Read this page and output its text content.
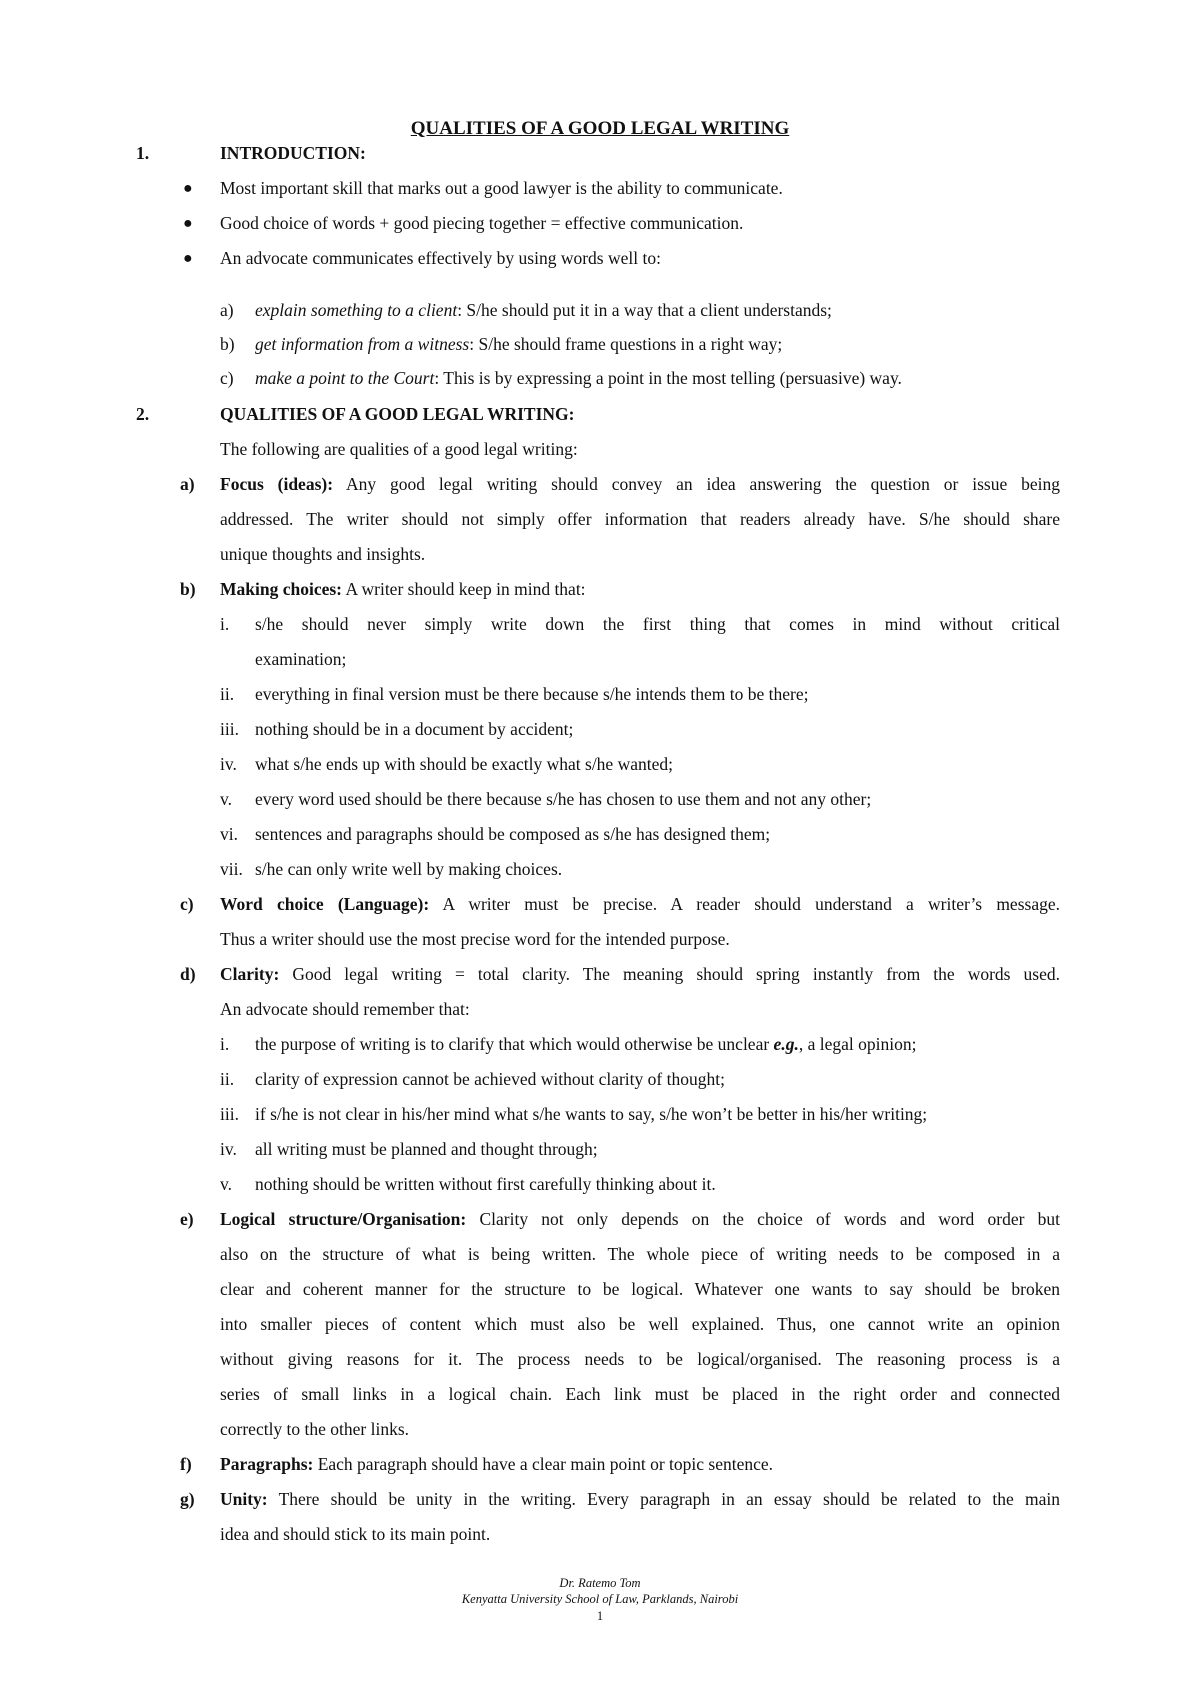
QUALITIES OF A GOOD LEGAL WRITING
1.	INTRODUCTION:
● Most important skill that marks out a good lawyer is the ability to communicate.
● Good choice of words + good piecing together = effective communication.
● An advocate communicates effectively by using words well to:
a) explain something to a client: S/he should put it in a way that a client understands;
b) get information from a witness: S/he should frame questions in a right way;
c) make a point to the Court: This is by expressing a point in the most telling (persuasive) way.
2.	QUALITIES OF A GOOD LEGAL WRITING:
The following are qualities of a good legal writing:
a) Focus (ideas): Any good legal writing should convey an idea answering the question or issue being
addressed. The writer should not simply offer information that readers already have. S/he should share
unique thoughts and insights.
b) Making choices: A writer should keep in mind that:
i. s/he should never simply write down the first thing that comes in mind without critical
examination;
ii. everything in final version must be there because s/he intends them to be there;
iii. nothing should be in a document by accident;
iv. what s/he ends up with should be exactly what s/he wanted;
v. every word used should be there because s/he has chosen to use them and not any other;
vi. sentences and paragraphs should be composed as s/he has designed them;
vii. s/he can only write well by making choices.
c) Word choice (Language): A writer must be precise. A reader should understand a writer’s message.
Thus a writer should use the most precise word for the intended purpose.
d) Clarity: Good legal writing = total clarity. The meaning should spring instantly from the words used.
An advocate should remember that:
i. the purpose of writing is to clarify that which would otherwise be unclear e.g., a legal opinion;
ii. clarity of expression cannot be achieved without clarity of thought;
iii. if s/he is not clear in his/her mind what s/he wants to say, s/he won’t be better in his/her writing;
iv. all writing must be planned and thought through;
v. nothing should be written without first carefully thinking about it.
e) Logical structure/Organisation: Clarity not only depends on the choice of words and word order but
also on the structure of what is being written. The whole piece of writing needs to be composed in a
clear and coherent manner for the structure to be logical. Whatever one wants to say should be broken
into smaller pieces of content which must also be well explained. Thus, one cannot write an opinion
without giving reasons for it. The process needs to be logical/organised. The reasoning process is a
series of small links in a logical chain. Each link must be placed in the right order and connected
correctly to the other links.
f) Paragraphs: Each paragraph should have a clear main point or topic sentence.
g) Unity: There should be unity in the writing. Every paragraph in an essay should be related to the main
idea and should stick to its main point.
Dr. Ratemo Tom
Kenyatta University School of Law, Parklands, Nairobi
1
